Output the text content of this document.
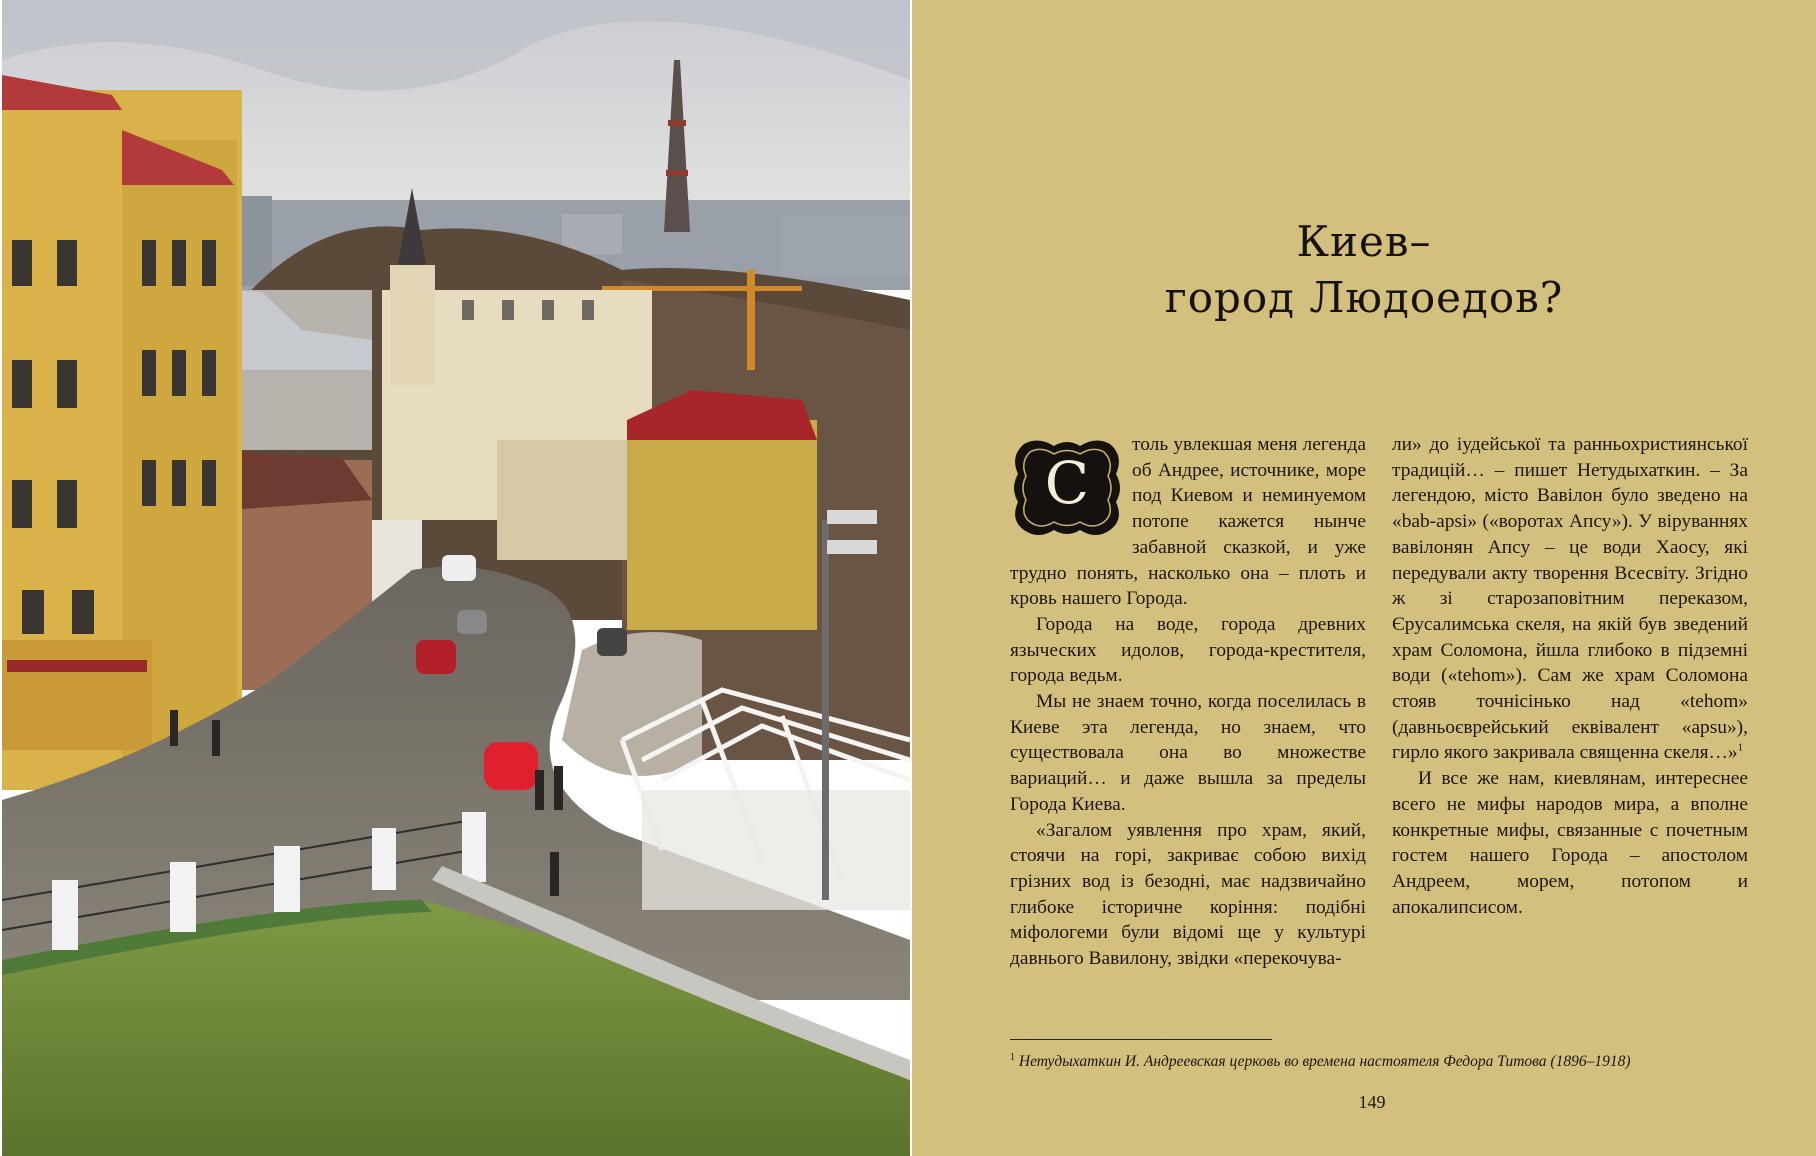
Киев–
город Людоедов?
С

толь увлекшая меня легенда об Андрее, источнике, море под Киевом и неминуемом потопе кажется нынче забавной сказкой, и уже трудно понять, насколько она – плоть и кровь нашего Города.

Города на воде, города древних языческих идолов, города-крестителя, города ведьм.

Мы не знаем точно, когда поселилась в Киеве эта легенда, но знаем, что существовала она во множестве вариаций… и даже вышла за пределы Города Киева.

«Загалом уявлення про храм, який, стоячи на горі, закриває собою вихід грізних вод із безодні, має надзвичайно глибоке історичне коріння: подібні міфологеми були відомі ще у культурі давнього Вавилону, звідки «перекочува-

ли» до іудейської та ранньохристиянської традицій… – пишет Нетудыхаткин. – За легендою, місто Вавілон було зведено на «bab-apsi» («воротах Апсу»). У віруваннях вавілонян Апсу – це води Хаосу, які передували акту творення Всесвіту. Згідно ж зі старозаповітним переказом, Єрусалимська скеля, на якій був зведений храм Соломона, йшла глибоко в підземні води («tehom»). Сам же храм Соломона стояв точнісінько над «tehom» (давньоєврейський еквівалент «apsu»), гирло якого закривала священна скеля…»$^1$

И все же нам, киевлянам, интереснее всего не мифы народов мира, а вполне конкретные мифы, связанные с почетным гостем нашего Города – апостолом Андреем, морем, потопом и апокалипсисом.

$^1$ Нетудыхаткин И. Андреевская церковь во времена настоятеля Федора Титова (1896–1918)
149
